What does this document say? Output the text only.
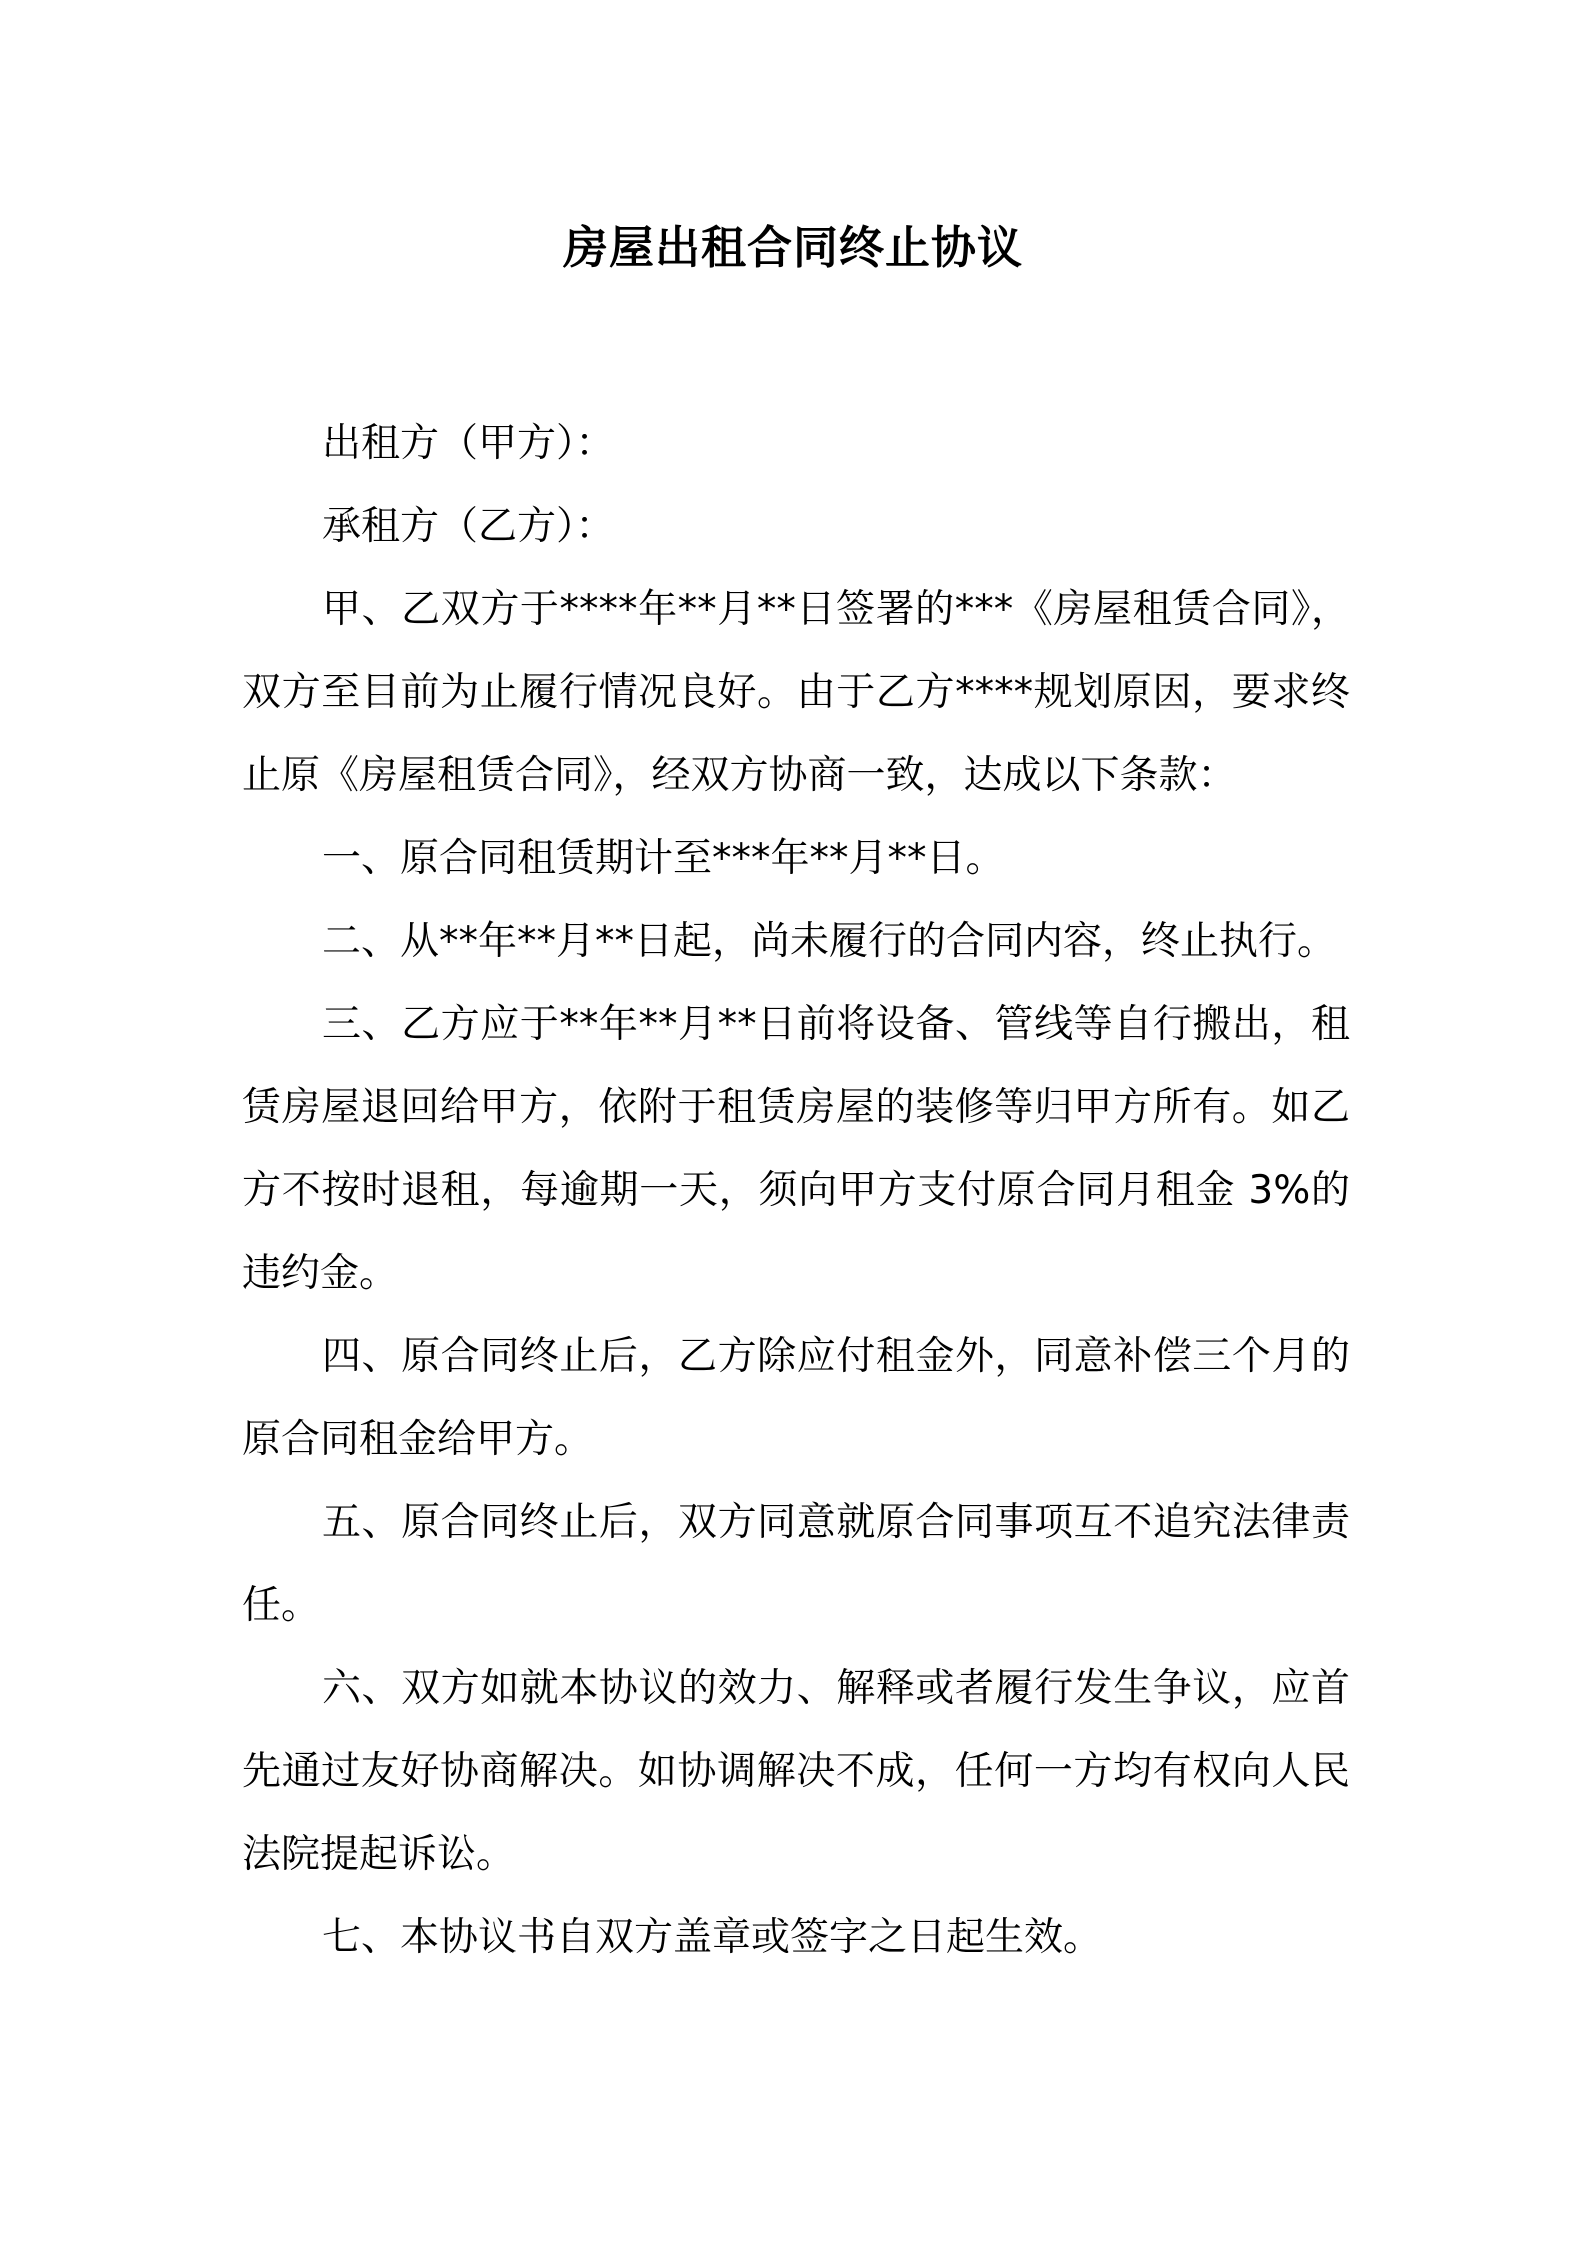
房屋出租合同终止协议

出租方（甲方）：

承租方（乙方）：

甲、乙双方于****年**月**日签署的***《房屋租赁合同》，双方至目前为止履行情况良好。由于乙方****规划原因，要求终止原《房屋租赁合同》，经双方协商一致，达成以下条款：

一、原合同租赁期计至***年**月**日。

二、从**年**月**日起，尚未履行的合同内容，终止执行。

三、乙方应于**年**月**日前将设备、管线等自行搬出，租赁房屋退回给甲方，依附于租赁房屋的装修等归甲方所有。如乙方不按时退租，每逾期一天，须向甲方支付原合同月租金 3%的违约金。

四、原合同终止后，乙方除应付租金外，同意补偿三个月的原合同租金给甲方。

五、原合同终止后，双方同意就原合同事项互不追究法律责任。

六、双方如就本协议的效力、解释或者履行发生争议，应首先通过友好协商解决。如协调解决不成，任何一方均有权向人民法院提起诉讼。

七、本协议书自双方盖章或签字之日起生效。
